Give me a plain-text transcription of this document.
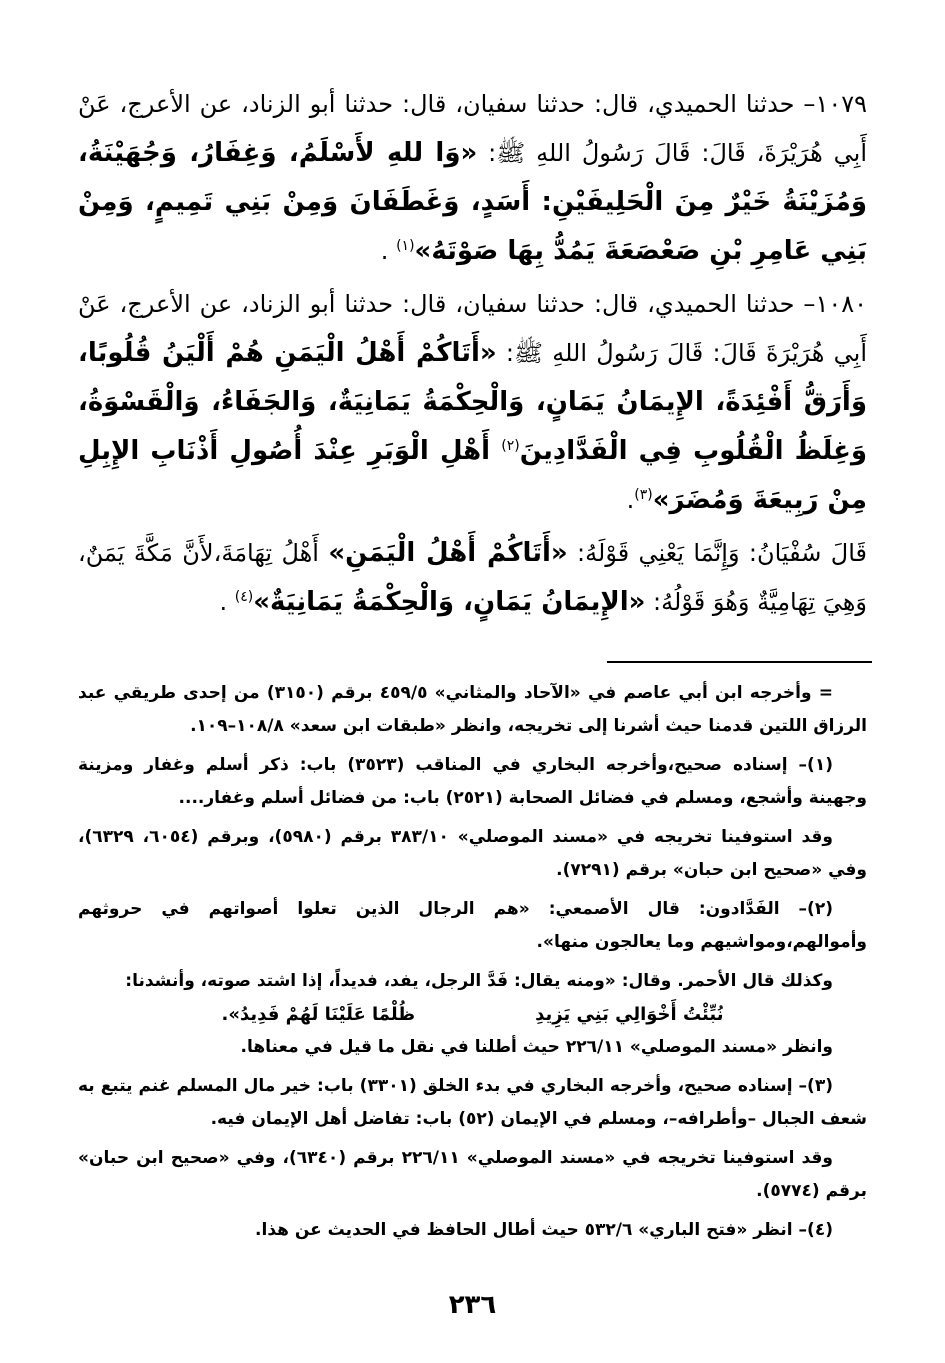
١٠٧٩– حدثنا الحميدي، قال: حدثنا سفيان، قال: حدثنا أبو الزناد، عن الأعرج، عَنْ أَبِي هُرَيْرَةَ، قَالَ: قَالَ رَسُولُ اللهِ ﷺ: «وَا للهِ لأَسْلَمُ، وَغِفَارُ، وَجُهَيْنَةُ، وَمُزَيْنَةُ خَيْرٌ مِنَ الْحَلِيفَيْنِ: أَسَدٍ، وَغَطَفَانَ وَمِنْ بَنِي تَمِيمٍ، وَمِنْ بَنِي عَامِرِ بْنِ صَعْصَعَةَ يَمُدُّ بِهَا صَوْتَهُ»$^{(١)}$ .

١٠٨٠– حدثنا الحميدي، قال: حدثنا سفيان، قال: حدثنا أبو الزناد، عن الأعرج، عَنْ أَبِي هُرَيْرَةَ قَالَ: قَالَ رَسُولُ اللهِ ﷺ: «أَتَاكُمْ أَهْلُ الْيَمَنِ هُمْ أَلْيَنُ قُلُوبًا، وَأَرَقُّ أَفْئِدَةً، الإِيمَانُ يَمَانٍ، وَالْحِكْمَةُ يَمَانِيَةٌ، وَالجَفَاءُ، وَالْقَسْوَةُ، وَغِلَظُ الْقُلُوبِ فِي الْفَدَّادِينَ$^{(٢)}$ أَهْلِ الْوَبَرِ عِنْدَ أُصُولِ أَذْنَابِ الإِبِلِ مِنْ رَبِيعَةَ وَمُضَرَ»$^{(٣)}$.

قَالَ سُفْيَانُ: وَإِنَّمَا يَعْنِي قَوْلَهُ: «أَتَاكُمْ أَهْلُ الْيَمَنِ» أَهْلُ تِهَامَةَ،لأَنَّ مَكَّةَ يَمَنٌ، وَهِيَ تِهَامِيَّةٌ وَهُوَ قَوْلُهُ: «الإِيمَانُ يَمَانٍ، وَالْحِكْمَةُ يَمَانِيَةٌ»$^{(٤)}$ .

= وأخرجه ابن أبي عاصم في «الآحاد والمثاني» ٤٥٩/٥ برقم (٣١٥٠) من إحدى طريقي عبد الرزاق اللتين قدمنا حيث أشرنا إلى تخريجه، وانظر «طبقات ابن سعد» ١٠٨/٨–١٠٩.

(١)– إسناده صحيح،وأخرجه البخاري في المناقب (٣٥٢٣) باب: ذكر أسلم وغفار ومزينة وجهينة وأشجع، ومسلم في فضائل الصحابة (٢٥٢١) باب: من فضائل أسلم وغفار....

وقد استوفينا تخريجه في «مسند الموصلي» ٣٨٣/١٠ برقم (٥٩٨٠)، وبرقم (٦٠٥٤، ٦٣٢٩)، وفي «صحيح ابن حبان» برقم (٧٢٩١).

(٢)– الفَدَّادون: قال الأصمعي: «هم الرجال الذين تعلوا أصواتهم في حروثهم وأموالهم،ومواشيهم وما يعالجون منها».

وكذلك قال الأحمر. وقال: «ومنه يقال: فَدَّ الرجل، يفد، فديداً، إذا اشتد صوته، وأنشدنا:

نُبِّئْتُ أَخْوَالِي بَنِي يَزِيدِ
ظُلْمًا عَلَيْنَا لَهُمْ فَدِيدُ».

وانظر «مسند الموصلي» ٢٢٦/١١ حيث أطلنا في نقل ما قيل في معناها.

(٣)– إسناده صحيح، وأخرجه البخاري في بدء الخلق (٣٣٠١) باب: خير مال المسلم غنم يتبع به شعف الجبال –وأطرافه–، ومسلم في الإيمان (٥٢) باب: تفاضل أهل الإيمان فيه.

وقد استوفينا تخريجه في «مسند الموصلي» ٢٢٦/١١ برقم (٦٣٤٠)، وفي «صحيح ابن حبان» برقم (٥٧٧٤).

(٤)– انظر «فتح الباري» ٥٣٢/٦ حيث أطال الحافظ في الحديث عن هذا.

٢٣٦
